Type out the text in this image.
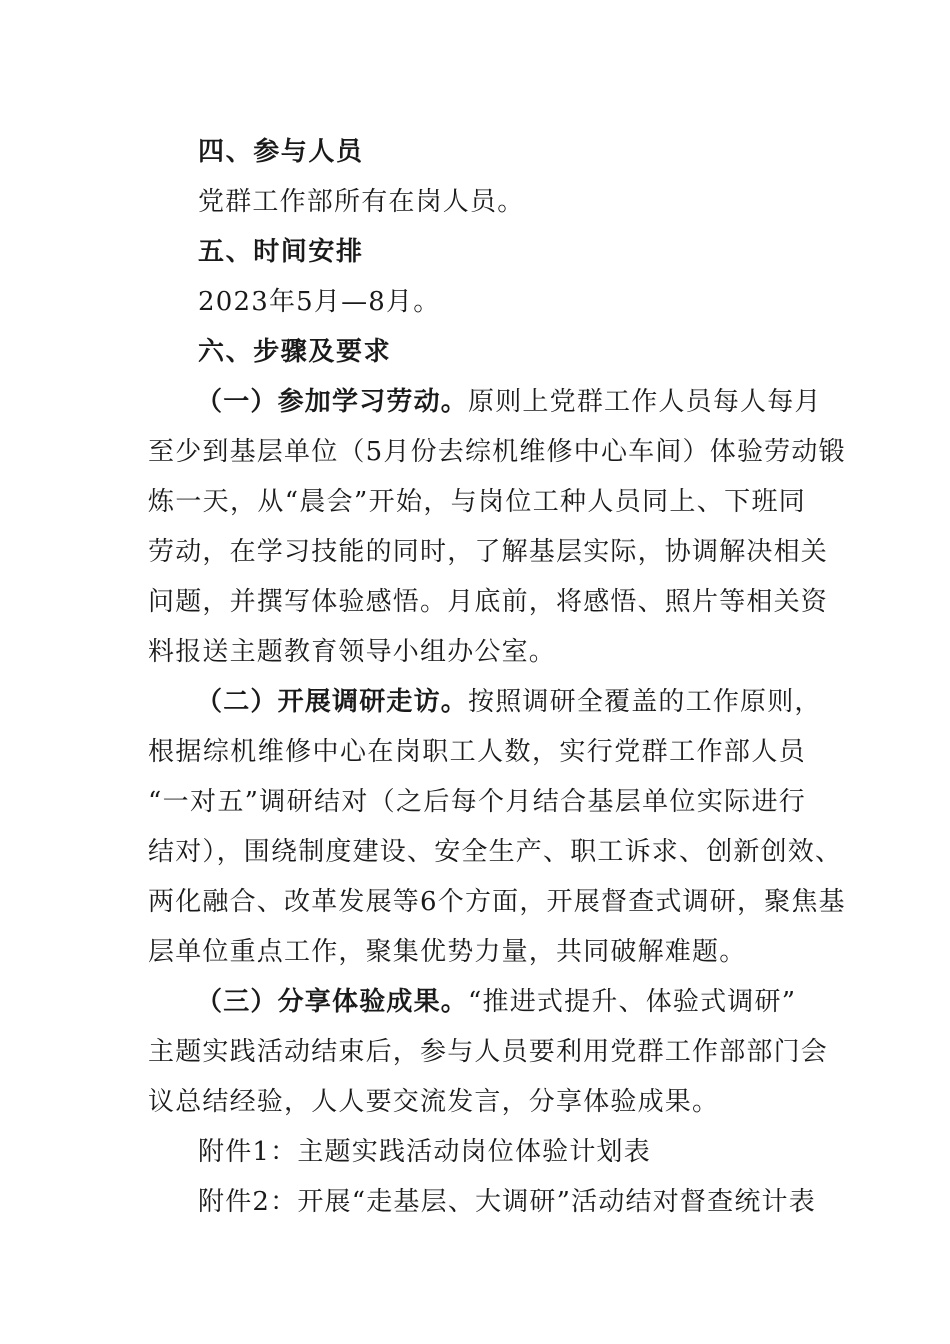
四、参与人员
党群工作部所有在岗人员。
五、时间安排
2023年5月—8月。
六、步骤及要求
（一）参加学习劳动。原则上党群工作人员每人每月
至少到基层单位（5月份去综机维修中心车间）体验劳动锻
炼一天，从“晨会”开始，与岗位工种人员同上、下班同
劳动，在学习技能的同时，了解基层实际，协调解决相关
问题，并撰写体验感悟。月底前，将感悟、照片等相关资
料报送主题教育领导小组办公室。
（二）开展调研走访。按照调研全覆盖的工作原则，
根据综机维修中心在岗职工人数，实行党群工作部人员
“一对五”调研结对（之后每个月结合基层单位实际进行
结对），围绕制度建设、安全生产、职工诉求、创新创效、
两化融合、改革发展等6个方面，开展督查式调研，聚焦基
层单位重点工作，聚集优势力量，共同破解难题。
（三）分享体验成果。“推进式提升、体验式调研”
主题实践活动结束后，参与人员要利用党群工作部部门会
议总结经验，人人要交流发言，分享体验成果。
附件1：主题实践活动岗位体验计划表
附件2：开展“走基层、大调研”活动结对督查统计表
